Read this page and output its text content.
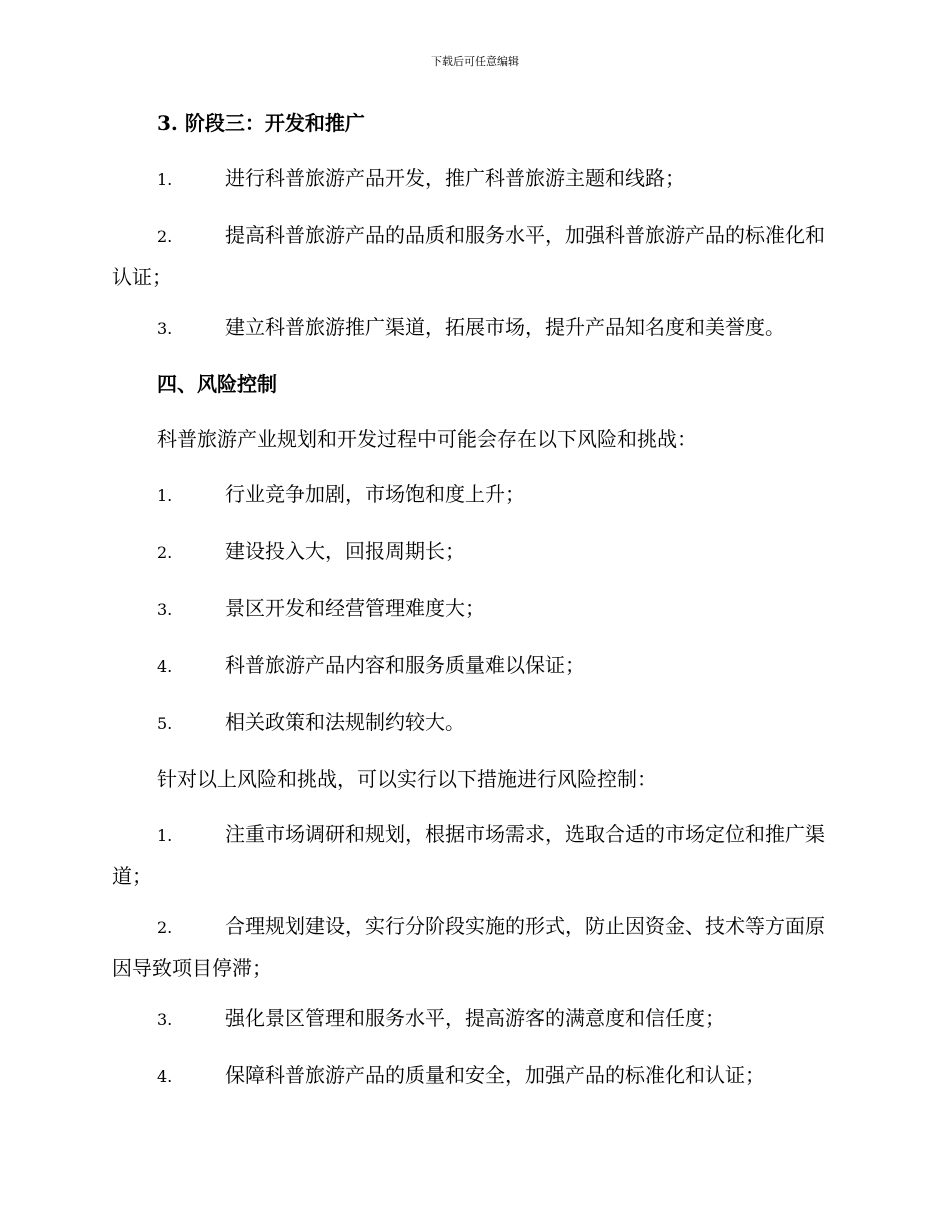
下载后可任意编辑
3. 阶段三：开发和推广
1.	进行科普旅游产品开发，推广科普旅游主题和线路；
2.	提高科普旅游产品的品质和服务水平，加强科普旅游产品的标准化和认证；
3.	建立科普旅游推广渠道，拓展市场，提升产品知名度和美誉度。
四、风险控制
科普旅游产业规划和开发过程中可能会存在以下风险和挑战：
1.	行业竞争加剧，市场饱和度上升；
2.	建设投入大，回报周期长；
3.	景区开发和经营管理难度大；
4.	科普旅游产品内容和服务质量难以保证；
5.	相关政策和法规制约较大。
针对以上风险和挑战，可以实行以下措施进行风险控制：
1.	注重市场调研和规划，根据市场需求，选取合适的市场定位和推广渠道；
2.	合理规划建设，实行分阶段实施的形式，防止因资金、技术等方面原因导致项目停滞；
3.	强化景区管理和服务水平，提高游客的满意度和信任度；
4.	保障科普旅游产品的质量和安全，加强产品的标准化和认证；
